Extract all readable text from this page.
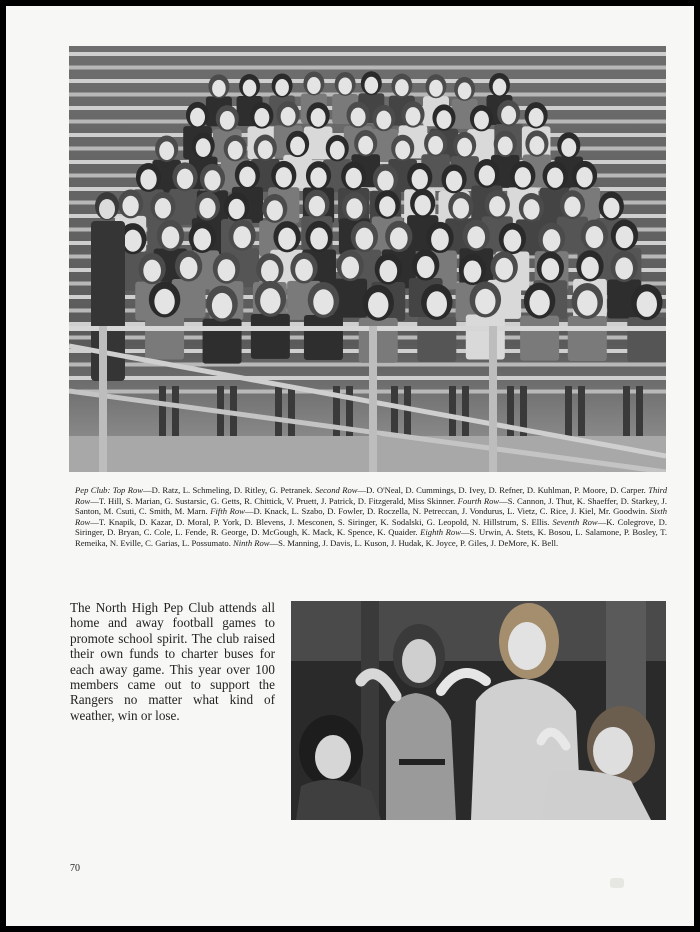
Pep Club: Top Row—D. Ratz, L. Schmeling, D. Ritley, G. Petranek. Second Row—D. O'Neal, D. Cummings, D. Ivey, D. Refner, D. Kuhlman, P. Moore, D. Carper. Third Row—T. Hill, S. Marian, G. Sustarsic, G. Getts, R. Chittick, V. Pruett, J. Patrick, D. Fitzgerald, Miss Skinner. Fourth Row—S. Cannon, J. Thut, K. Shaeffer, D. Starkey, J. Santon, M. Csuti, C. Smith, M. Marn. Fifth Row—D. Knack, L. Szabo, D. Fowler, D. Roczella, N. Petreccan, J. Vondurus, L. Vietz, C. Rice, J. Kiel, Mr. Goodwin. Sixth Row—T. Knapik, D. Kazar, D. Moral, P. York, D. Blevens, J. Mesconen, S. Siringer, K. Sodalski, G. Leopold, N. Hillstrum, S. Ellis. Seventh Row—K. Colegrove, D. Siringer, D. Bryan, C. Cole, L. Fende, R. George, D. McGough, K. Mack, K. Spence, K. Quaider. Eighth Row—S. Urwin, A. Stets, K. Bosou, L. Salamone, P. Bosley, T. Remeika, N. Eville, C. Garias, L. Possumato. Ninth Row—S. Manning, J. Davis, L. Kuson, J. Hudak, K. Joyce, P. Giles, J. DeMore, K. Bell.
The North High Pep Club attends all home and away football games to promote school spirit. The club raised their own funds to charter buses for each away game. This year over 100 members came out to support the Rangers no matter what kind of weather, win or lose.
70
